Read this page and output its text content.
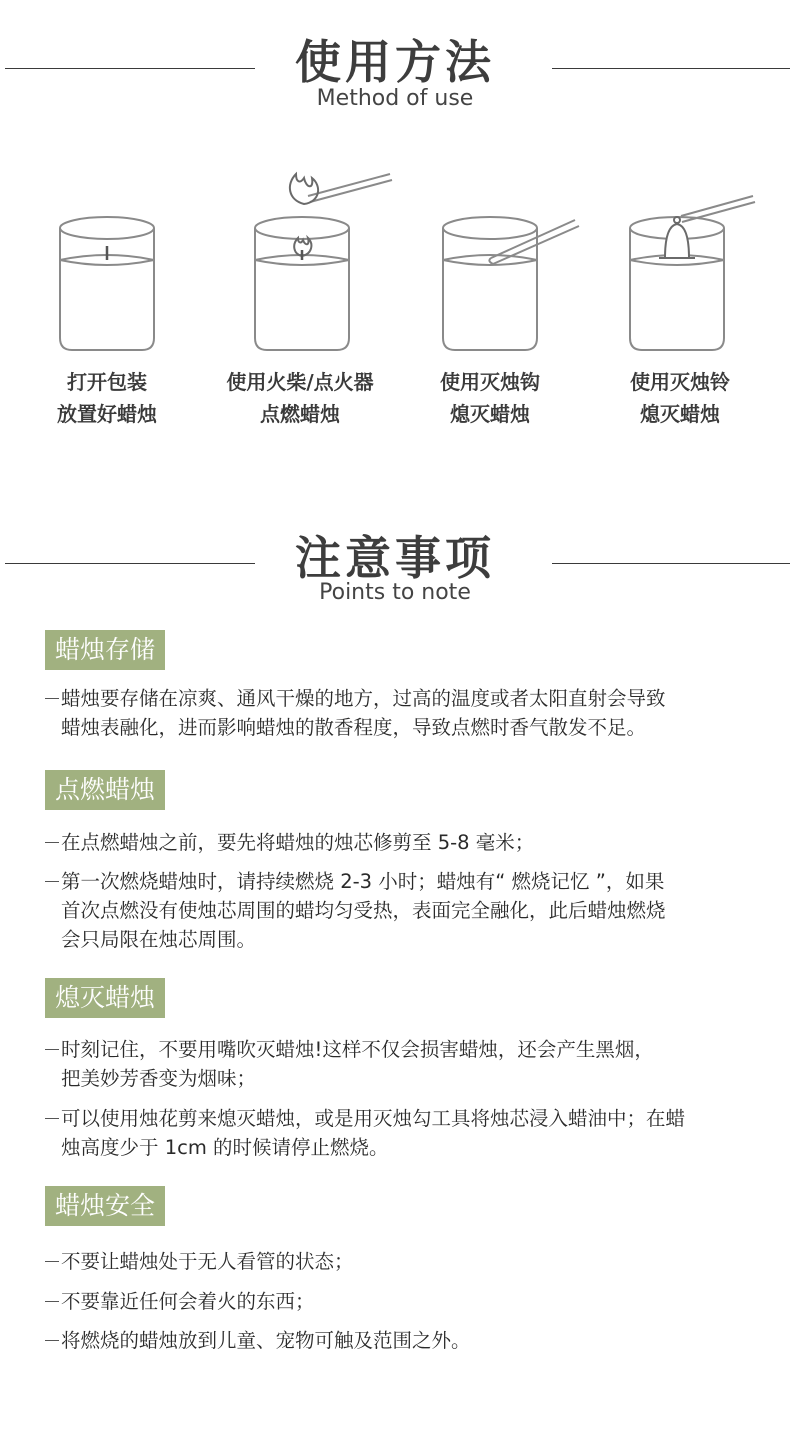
使用方法
Method of use
打开包装
放置好蜡烛
使用火柴/点火器
点燃蜡烛
使用灭烛钩
熄灭蜡烛
使用灭烛铃
熄灭蜡烛
注意事项
Points to note
蜡烛存储
蜡烛要存储在凉爽、通风干燥的地方，过高的温度或者太阳直射会导致
蜡烛表融化，进而影响蜡烛的散香程度，导致点燃时香气散发不足。
点燃蜡烛
在点燃蜡烛之前，要先将蜡烛的烛芯修剪至 5-8 毫米；
第一次燃烧蜡烛时，请持续燃烧 2-3 小时；蜡烛有“ 燃烧记忆 ”，如果
首次点燃没有使烛芯周围的蜡均匀受热，表面完全融化，此后蜡烛燃烧
会只局限在烛芯周围。
熄灭蜡烛
时刻记住，不要用嘴吹灭蜡烛!这样不仅会损害蜡烛，还会产生黑烟，
把美妙芳香变为烟味；
可以使用烛花剪来熄灭蜡烛，或是用灭烛勾工具将烛芯浸入蜡油中；在蜡
烛高度少于 1cm 的时候请停止燃烧。
蜡烛安全
不要让蜡烛处于无人看管的状态；
不要靠近任何会着火的东西；
将燃烧的蜡烛放到儿童、宠物可触及范围之外。
